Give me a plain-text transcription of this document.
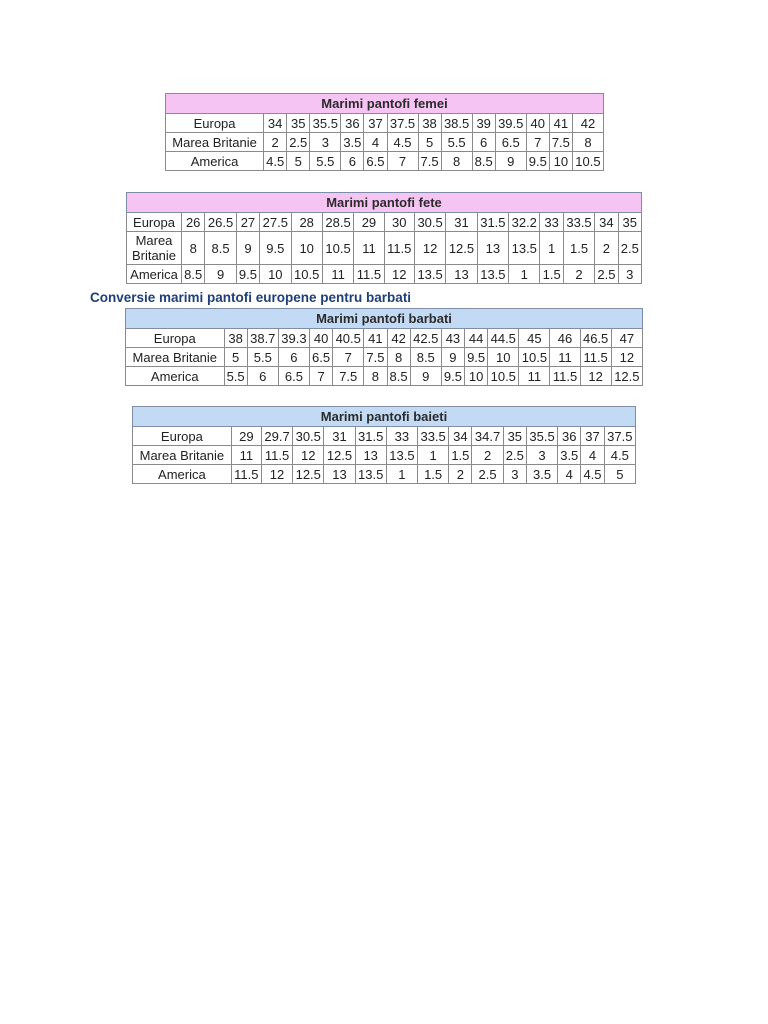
Marimi pantofi femei													
Europa	34	35	35.5	36	37	37.5	38	38.5	39	39.5	40	41	42
Marea Britanie	2	2.5	3	3.5	4	4.5	5	5.5	6	6.5	7	7.5	8
America	4.5	5	5.5	6	6.5	7	7.5	8	8.5	9	9.5	10	10.5
Marimi pantofi fete																
Europa	26	26.5	27	27.5	28	28.5	29	30	30.5	31	31.5	32.2	33	33.5	34	35
Marea Britanie	8	8.5	9	9.5	10	10.5	11	11.5	12	12.5	13	13.5	1	1.5	2	2.5
America	8.5	9	9.5	10	10.5	11	11.5	12	13.5	13	13.5	1	1.5	2	2.5	3
Conversie marimi pantofi europene pentru barbati
Marimi pantofi barbati															
Europa	38	38.7	39.3	40	40.5	41	42	42.5	43	44	44.5	45	46	46.5	47
Marea Britanie	5	5.5	6	6.5	7	7.5	8	8.5	9	9.5	10	10.5	11	11.5	12
America	5.5	6	6.5	7	7.5	8	8.5	9	9.5	10	10.5	11	11.5	12	12.5
Marimi pantofi baieti														
Europa	29	29.7	30.5	31	31.5	33	33.5	34	34.7	35	35.5	36	37	37.5
Marea Britanie	11	11.5	12	12.5	13	13.5	1	1.5	2	2.5	3	3.5	4	4.5
America	11.5	12	12.5	13	13.5	1	1.5	2	2.5	3	3.5	4	4.5	5
